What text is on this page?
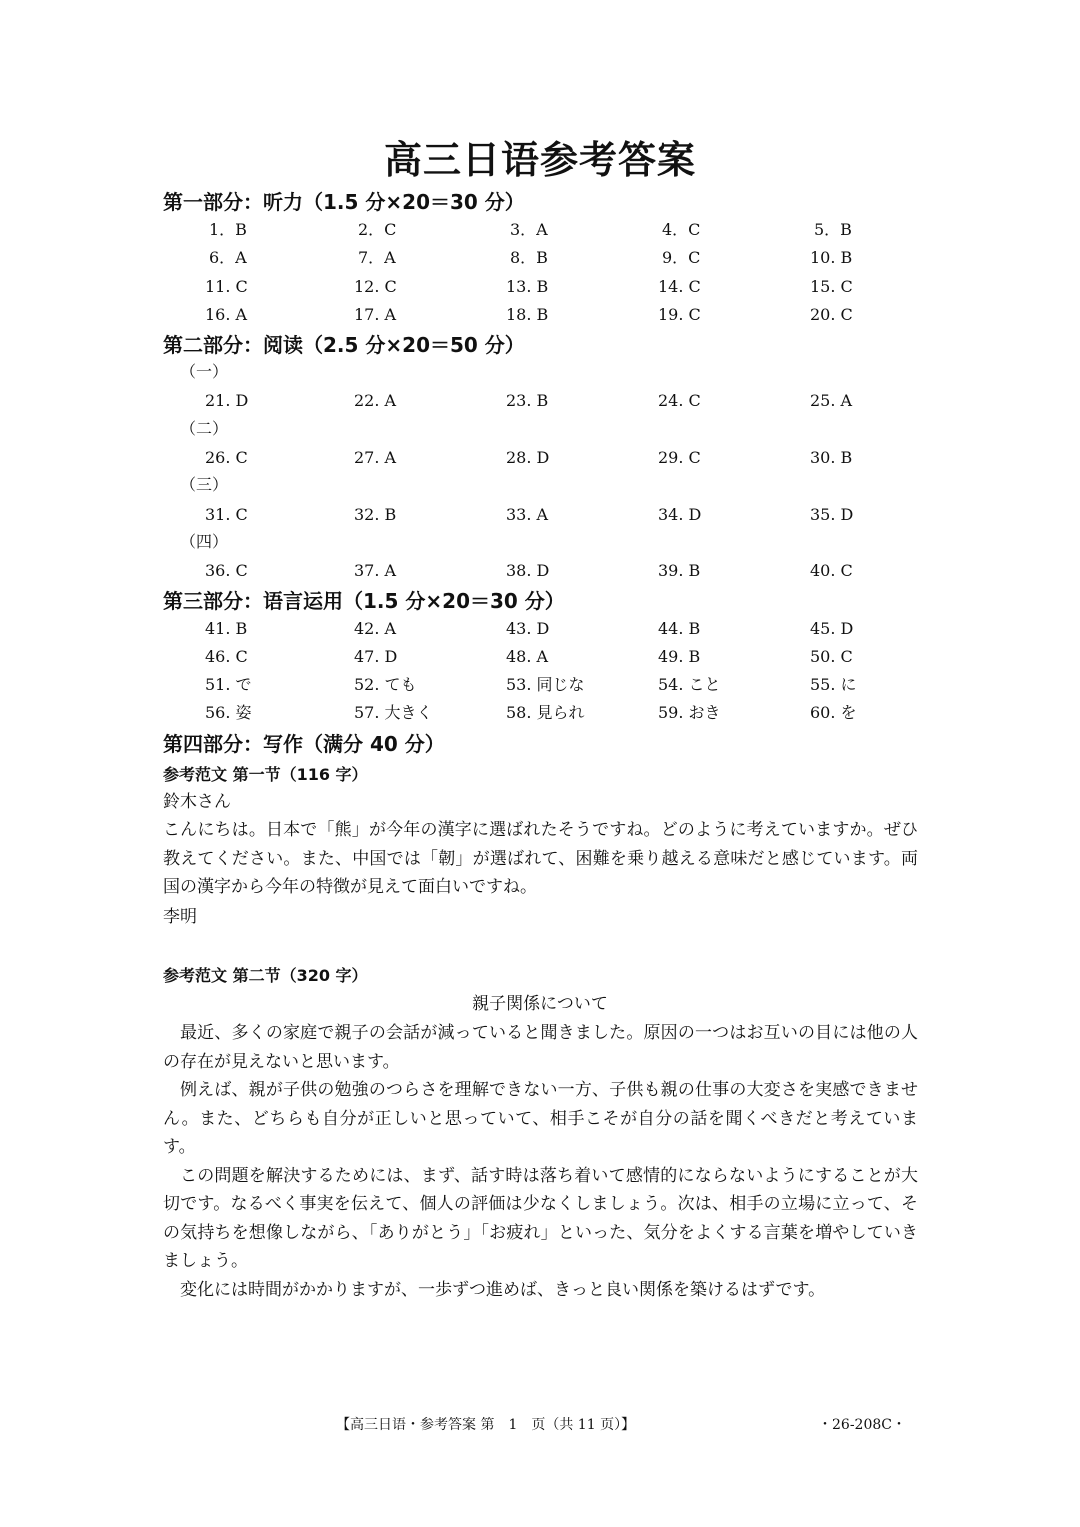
高三日语参考答案
第一部分：听力（1.5 分×20＝30 分）
1．B	2．C	3．A	4．C	5．B
6．A	7．A	8．B	9．C	10. B
11. C	12. C	13. B	14. C	15. C
16. A	17. A	18. B	19. C	20. C
第二部分：阅读（2.5 分×20＝50 分）
（一）
21. D	22. A	23. B	24. C	25. A
（二）
26. C	27. A	28. D	29. C	30. B
（三）
31. C	32. B	33. A	34. D	35. D
（四）
36. C	37. A	38. D	39. B	40. C
第三部分：语言运用（1.5 分×20＝30 分）
41. B	42. A	43. D	44. B	45. D
46. C	47. D	48. A	49. B	50. C
51. で	52. ても	53. 同じな	54. こと	55. に
56. 姿	57. 大きく	58. 見られ	59. おき	60. を
第四部分：写作（满分 40 分）
参考范文 第一节（116 字）
鈴木さん
こんにちは。日本で「熊」が今年の漢字に選ばれたそうですね。どのように考えていますか。ぜひ教えてください。また、中国では「韌」が選ばれて、困難を乗り越える意味だと感じています。両国の漢字から今年の特徴が見えて面白いですね。
李明
参考范文 第二节（320 字）
親子関係について

最近、多くの家庭で親子の会話が減っていると聞きました。原因の一つはお互いの目には他の人の存在が見えないと思います。

例えば、親が子供の勉強のつらさを理解できない一方、子供も親の仕事の大変さを実感できません。また、どちらも自分が正しいと思っていて、相手こそが自分の話を聞くべきだと考えています。

この問題を解決するためには、まず、話す時は落ち着いて感情的にならないようにすることが大切です。なるべく事実を伝えて、個人の評価は少なくしましょう。次は、相手の立場に立って、その気持ちを想像しながら、「ありがとう」「お疲れ」といった、気分をよくする言葉を増やしていきましょう。

変化には時間がかかりますが、一歩ずつ進めば、きっと良い関係を築けるはずです。

【高三日语・参考答案 第　1　页（共 11 页）】	・26-208C・
